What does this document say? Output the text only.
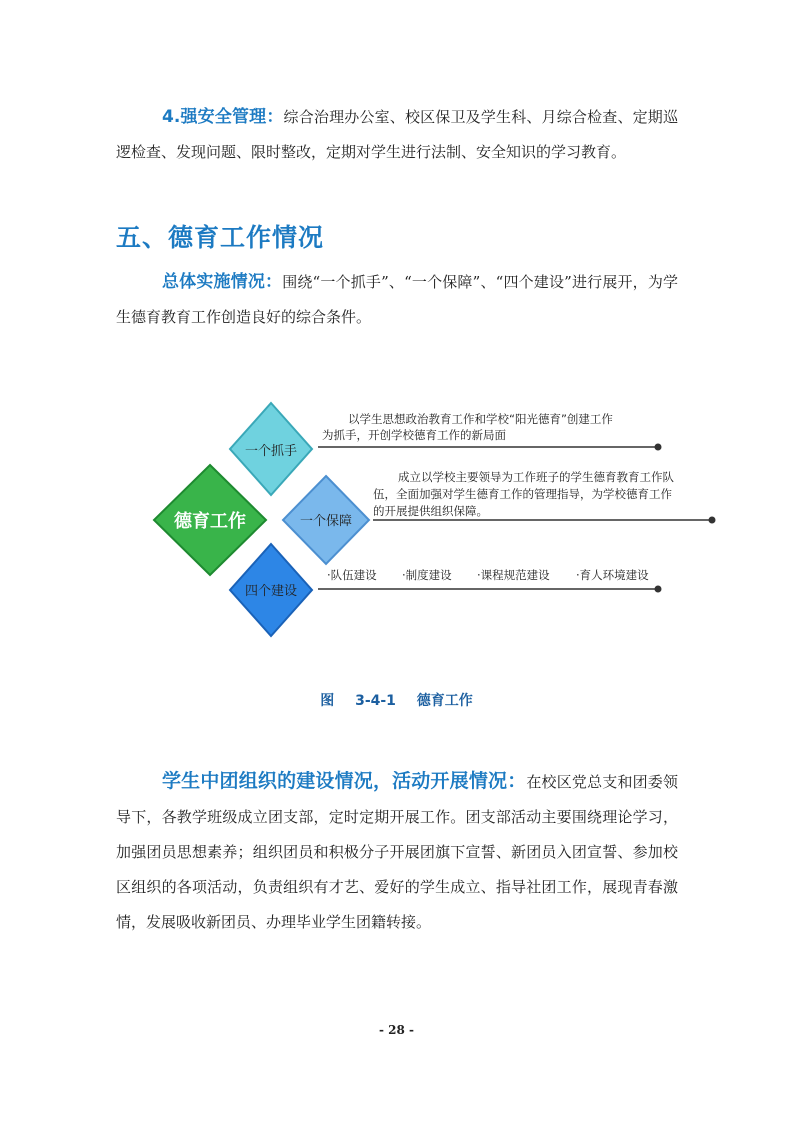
4.强安全管理：综合治理办公室、校区保卫及学生科、月综合检查、定期巡逻检查、发现问题、限时整改，定期对学生进行法制、安全知识的学习教育。

五、德育工作情况

总体实施情况：围绕“一个抓手”、“一个保障”、“四个建设”进行展开，为学生德育教育工作创造良好的综合条件。

德育工作
一个抓手
一个保障
四个建设
以学生思想政治教育工作和学校“阳光德育”创建工作
为抓手，开创学校德育工作的新局面
成立以学校主要领导为工作班子的学生德育教育工作队
伍，全面加强对学生德育工作的管理指导，为学校德育工作
的开展提供组织保障。
·队伍建设 ·制度建设 ·课程规范建设 ·育人环境建设
图 3-4-1 德育工作

学生中团组织的建设情况，活动开展情况：在校区党总支和团委领导下，各教学班级成立团支部，定时定期开展工作。团支部活动主要围绕理论学习，加强团员思想素养；组织团员和积极分子开展团旗下宣誓、新团员入团宣誓、参加校区组织的各项活动，负责组织有才艺、爱好的学生成立、指导社团工作，展现青春激情，发展吸收新团员、办理毕业学生团籍转接。

- 28 -
